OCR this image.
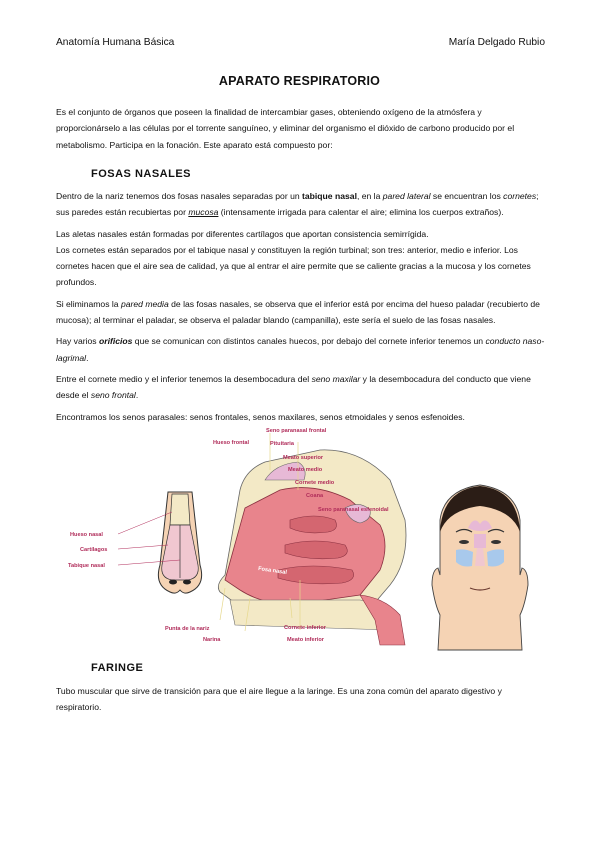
Anatomía Humana Básica	María Delgado Rubio
APARATO RESPIRATORIO
Es el conjunto de órganos que poseen la finalidad de intercambiar gases, obteniendo oxígeno de la atmósfera y proporcionárselo a las células por el torrente sanguíneo, y eliminar del organismo el dióxido de carbono producido por el metabolismo. Participa en la fonación. Este aparato está compuesto por:
FOSAS NASALES

Dentro de la nariz tenemos dos fosas nasales separadas por un tabique nasal, en la pared lateral se encuentran los cornetes; sus paredes están recubiertas por mucosa (intensamente irrigada para calentar el aire; elimina los cuerpos extraños).

Las aletas nasales están formadas por diferentes cartílagos que aportan consistencia semirrígida.

Los cornetes están separados por el tabique nasal y constituyen la región turbinal; son tres: anterior, medio e inferior. Los cornetes hacen que el aire sea de calidad, ya que al entrar el aire permite que se caliente gracias a la mucosa y los cornetes profundos.

Si eliminamos la pared media de las fosas nasales, se observa que el inferior está por encima del hueso paladar (recubierto de mucosa); al terminar el paladar, se observa el paladar blando (campanilla), este sería el suelo de las fosas nasales.

Hay varios orificios que se comunican con distintos canales huecos, por debajo del cornete inferior tenemos un conducto naso-lagrimal.

Entre el cornete medio y el inferior tenemos la desembocadura del seno maxilar y la desembocadura del conducto que viene desde el seno frontal.

Encontramos los senos parasales: senos frontales, senos maxilares, senos etmoidales y senos esfenoides.

Hueso nasal
Cartílagos
Tabique nasal
Seno paranasal frontal
Hueso frontal	Pituitaria
Meato superior
Meato medio
Cornete medio
Coana
Seno paranasal esfenoidal
Fosa nasal
Punta de la nariz
Narina	Meato inferior
Cornete inferior
FARINGE
Tubo muscular que sirve de transición para que el aire llegue a la laringe. Es una zona común del aparato digestivo y respiratorio.
